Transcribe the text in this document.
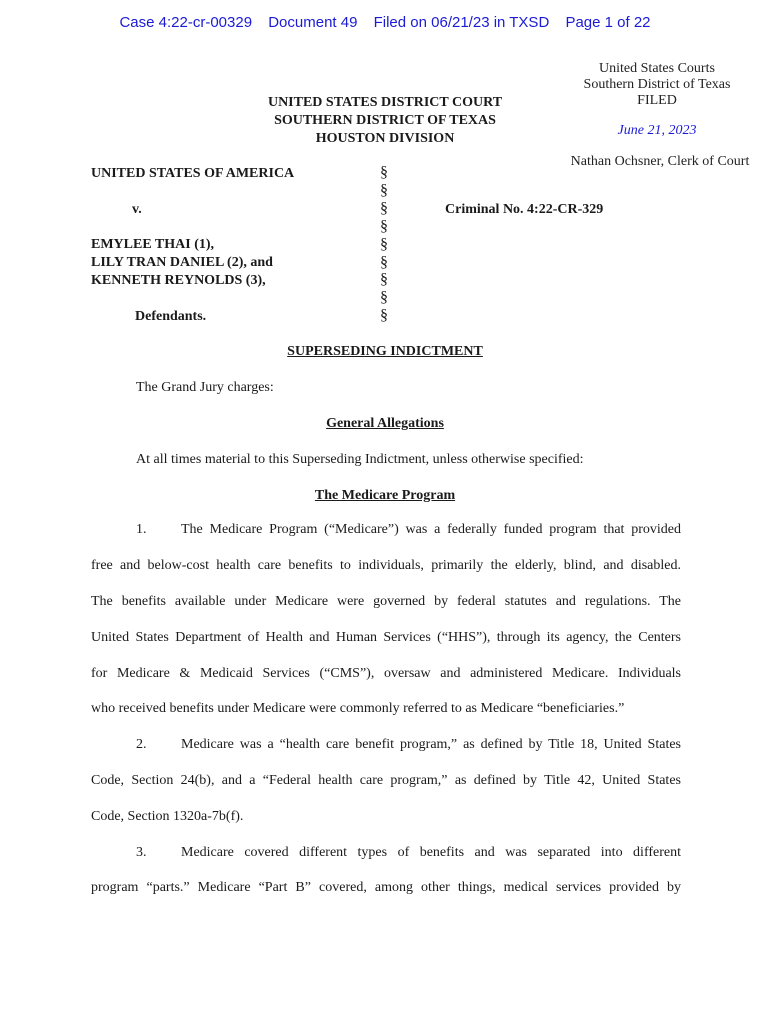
Case 4:22-cr-00329 Document 49 Filed on 06/21/23 in TXSD Page 1 of 22
United States Courts
Southern District of Texas
FILED
June 21, 2023
Nathan Ochsner, Clerk of Court
UNITED STATES DISTRICT COURT
SOUTHERN DISTRICT OF TEXAS
HOUSTON DIVISION
UNITED STATES OF AMERICA
v.
EMYLEE THAI (1),
LILY TRAN DANIEL (2), and
KENNETH REYNOLDS (3),
Defendants.
§
§
§
§
§
§
§
§
§
Criminal No. 4:22-CR-329
SUPERSEDING INDICTMENT
The Grand Jury charges:
General Allegations
At all times material to this Superseding Indictment, unless otherwise specified:
The Medicare Program
1. The Medicare Program (“Medicare”) was a federally funded program that provided
free and below-cost health care benefits to individuals, primarily the elderly, blind, and disabled.
The benefits available under Medicare were governed by federal statutes and regulations. The
United States Department of Health and Human Services (“HHS”), through its agency, the Centers
for Medicare & Medicaid Services (“CMS”), oversaw and administered Medicare. Individuals
who received benefits under Medicare were commonly referred to as Medicare “beneficiaries.”
2. Medicare was a “health care benefit program,” as defined by Title 18, United States
Code, Section 24(b), and a “Federal health care program,” as defined by Title 42, United States
Code, Section 1320a-7b(f).
3. Medicare covered different types of benefits and was separated into different
program “parts.” Medicare “Part B” covered, among other things, medical services provided by
